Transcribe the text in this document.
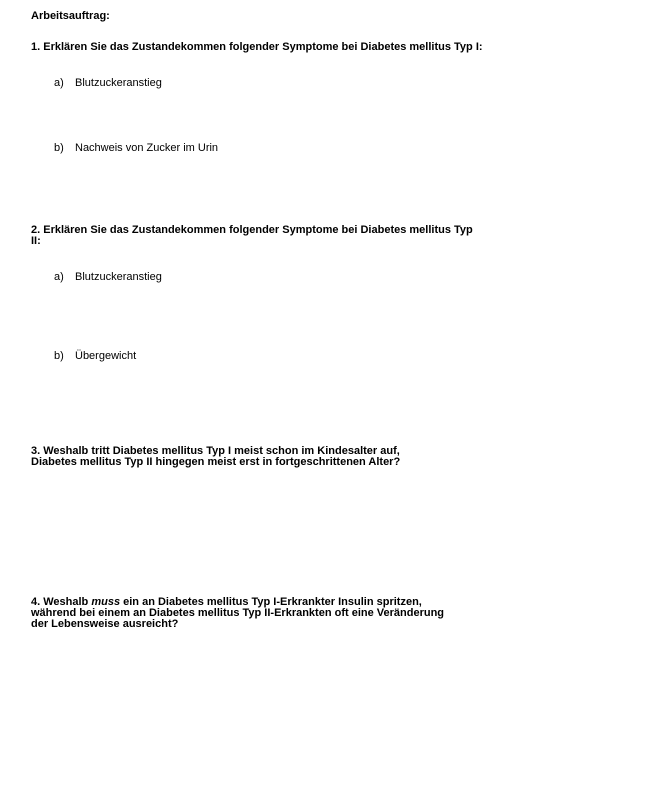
Arbeitsauftrag:
1. Erklären Sie das Zustandekommen folgender Symptome bei Diabetes mellitus Typ I:
a) Blutzuckeranstieg
b) Nachweis von Zucker im Urin
2. Erklären Sie das Zustandekommen folgender Symptome bei Diabetes mellitus Typ
II:
a) Blutzuckeranstieg
b) Übergewicht
3. Weshalb tritt Diabetes mellitus Typ I meist schon im Kindesalter auf,
Diabetes mellitus Typ II hingegen meist erst in fortgeschrittenen Alter?
4. Weshalb muss ein an Diabetes mellitus Typ I-Erkrankter Insulin spritzen,
während bei einem an Diabetes mellitus Typ II-Erkrankten oft eine Veränderung
der Lebensweise ausreicht?
